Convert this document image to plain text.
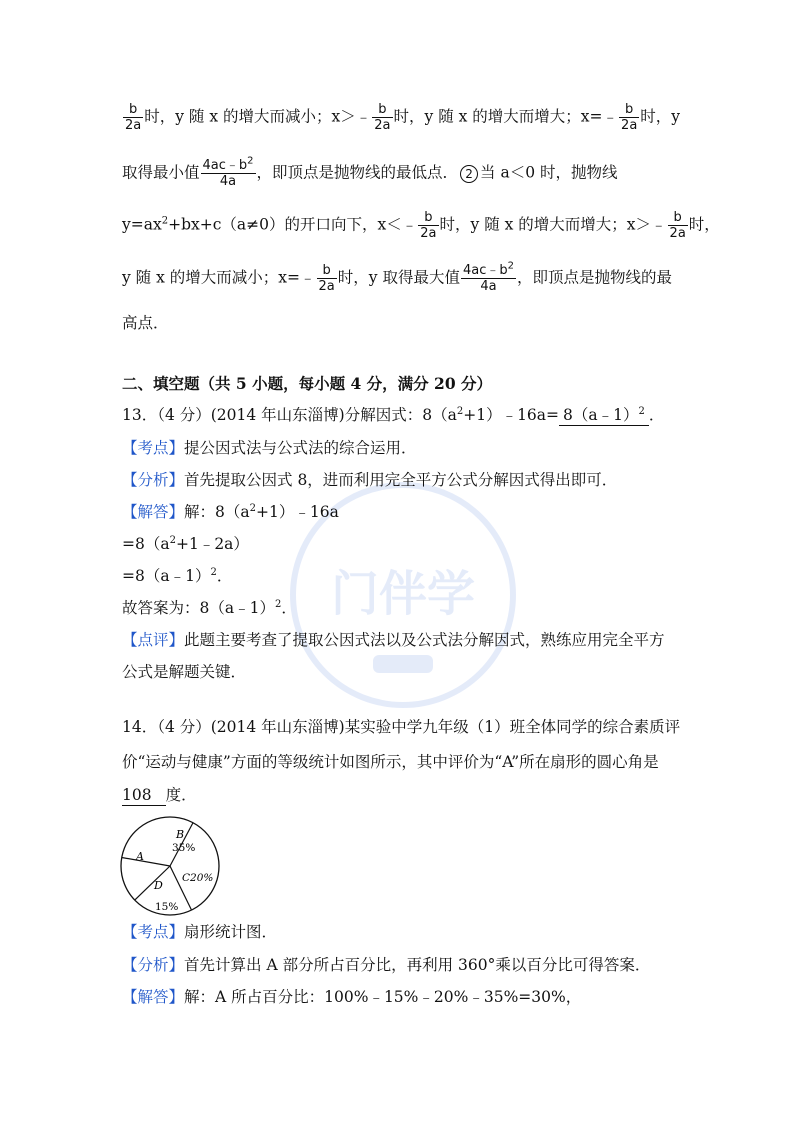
门伴学
$\frac{b}{2a}$ 时，y 随 x 的增大而减小；x＞﹣ $\frac{b}{2a}$ 时，y 随 x 的增大而增大；x=﹣ $\frac{b}{2a}$ 时，y
取得最小值 $\frac{4ac﹣b^2}{4a}$ ，即顶点是抛物线的最低点． 2 当 a＜0 时，抛物线
$y=ax^2+bx+c(a\ne 0)$的开口向下，x＜﹣ $\frac{b}{2a}$ 时，y 随 x 的增大而增大；x＞﹣ $\frac{b}{2a}$ 时，
y 随 x 的增大而减小；x=﹣ $\frac{b}{2a}$ 时，y 取得最大值 $\frac{4ac﹣b^2}{4a}$ ，即顶点是抛物线的最
高点．
二、填空题（共 5 小题，每小题 4 分，满分 20 分）
13．（4 分）(2014 年山东淄博)分解因式：$8(a^2+1)﹣16a=$ 8（a﹣1）$^2$ ．
【考点】提公因式法与公式法的综合运用．
【分析】首先提取公因式 8，进而利用完全平方公式分解因式得出即可．
【解答】解：$8(a^2+1)﹣16a$
$=8(a^2+1﹣2a)$
=8（a﹣1）$^2$．
故答案为：8（a﹣1）$^2$．
【点评】此题主要考查了提取公因式法以及公式法分解因式，熟练应用完全平方
公式是解题关键．
14．（4 分）(2014 年山东淄博)某实验中学九年级（1）班全体同学的综合素质评
价“运动与健康”方面的等级统计如图所示，其中评价为“A”所在扇形的圆心角是
108 度．
A
B
35%
C20%
D
15%
【考点】扇形统计图．
【分析】首先计算出 A 部分所占百分比，再利用 360°乘以百分比可得答案．
【解答】解：A 所占百分比：100%﹣15%﹣20%﹣35%=30%，
